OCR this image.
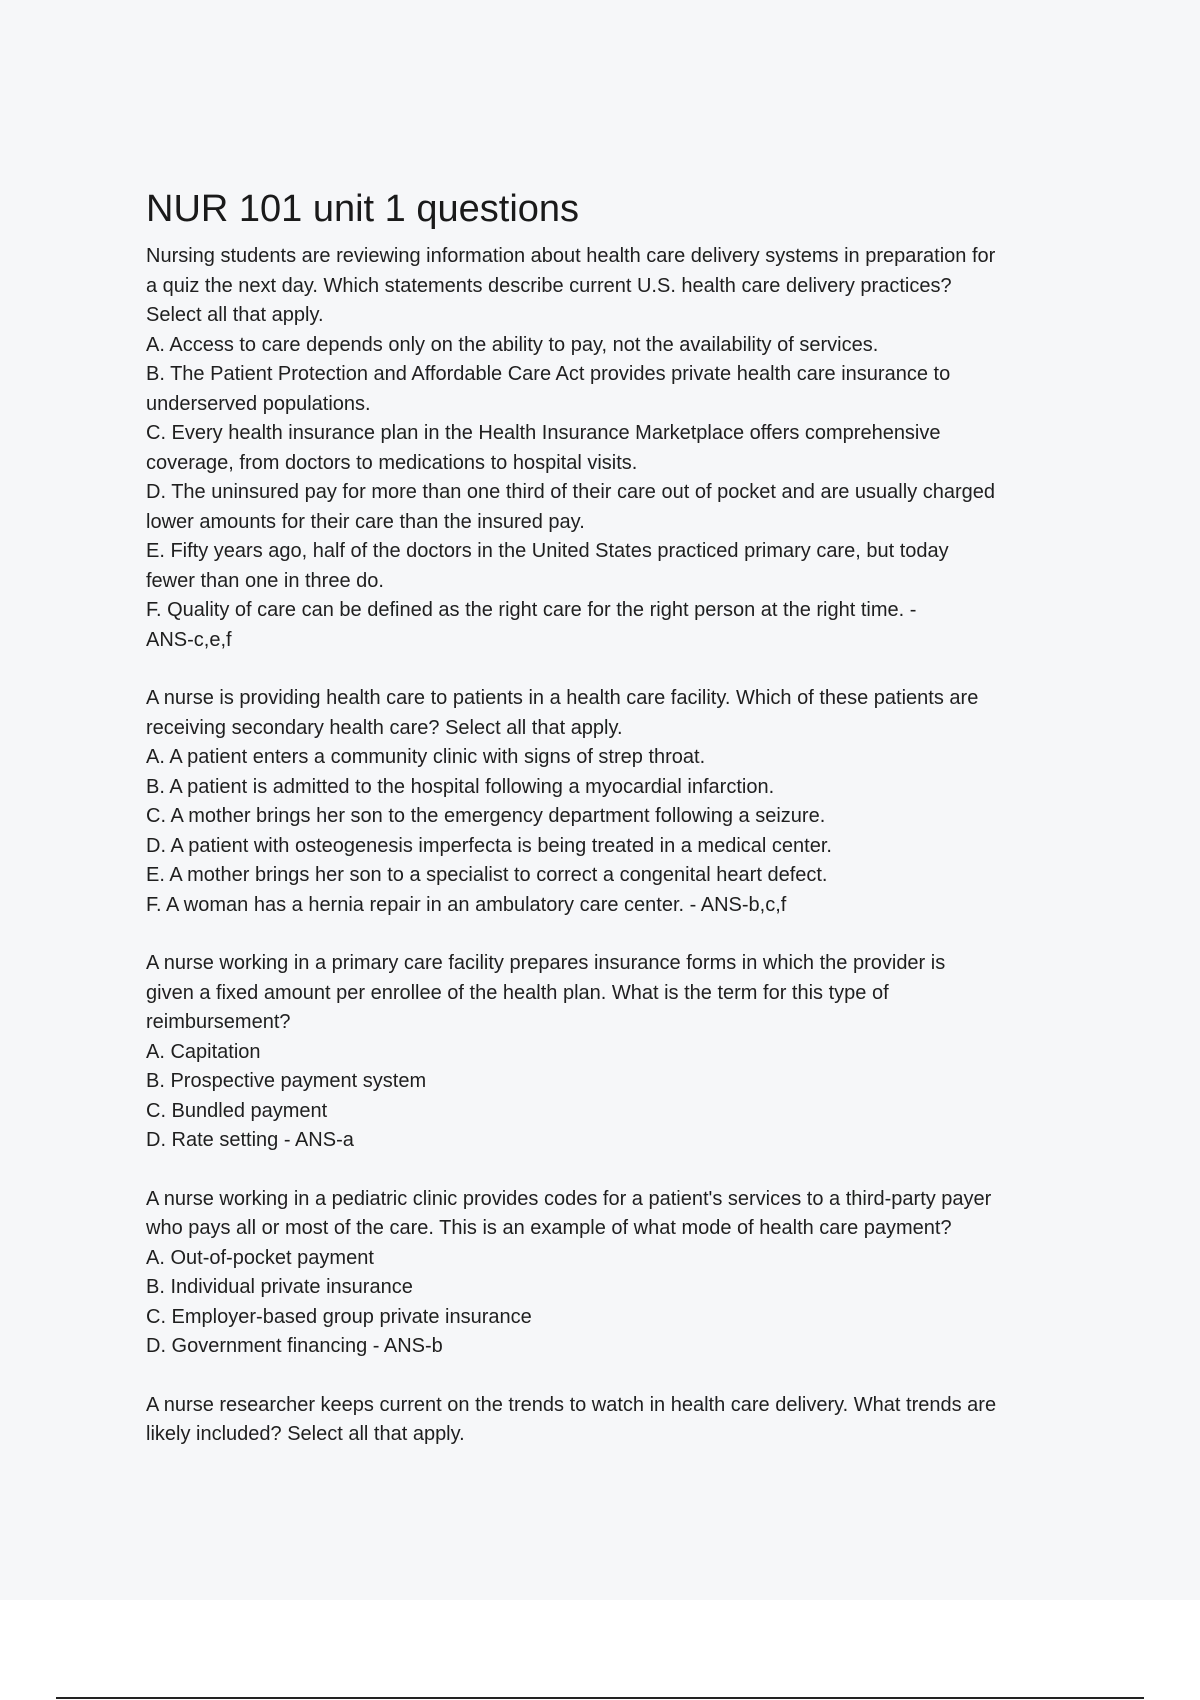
NUR 101 unit 1 questions
Nursing students are reviewing information about health care delivery systems in preparation for
a quiz the next day. Which statements describe current U.S. health care delivery practices?
Select all that apply.
A. Access to care depends only on the ability to pay, not the availability of services.
B. The Patient Protection and Affordable Care Act provides private health care insurance to
underserved populations.
C. Every health insurance plan in the Health Insurance Marketplace offers comprehensive
coverage, from doctors to medications to hospital visits.
D. The uninsured pay for more than one third of their care out of pocket and are usually charged
lower amounts for their care than the insured pay.
E. Fifty years ago, half of the doctors in the United States practiced primary care, but today
fewer than one in three do.
F. Quality of care can be defined as the right care for the right person at the right time. -
ANS-c,e,f
A nurse is providing health care to patients in a health care facility. Which of these patients are
receiving secondary health care? Select all that apply.
A. A patient enters a community clinic with signs of strep throat.
B. A patient is admitted to the hospital following a myocardial infarction.
C. A mother brings her son to the emergency department following a seizure.
D. A patient with osteogenesis imperfecta is being treated in a medical center.
E. A mother brings her son to a specialist to correct a congenital heart defect.
F. A woman has a hernia repair in an ambulatory care center. - ANS-b,c,f
A nurse working in a primary care facility prepares insurance forms in which the provider is
given a fixed amount per enrollee of the health plan. What is the term for this type of
reimbursement?
A. Capitation
B. Prospective payment system
C. Bundled payment
D. Rate setting - ANS-a
A nurse working in a pediatric clinic provides codes for a patient's services to a third-party payer
who pays all or most of the care. This is an example of what mode of health care payment?
A. Out-of-pocket payment
B. Individual private insurance
C. Employer-based group private insurance
D. Government financing - ANS-b
A nurse researcher keeps current on the trends to watch in health care delivery. What trends are
likely included? Select all that apply.
